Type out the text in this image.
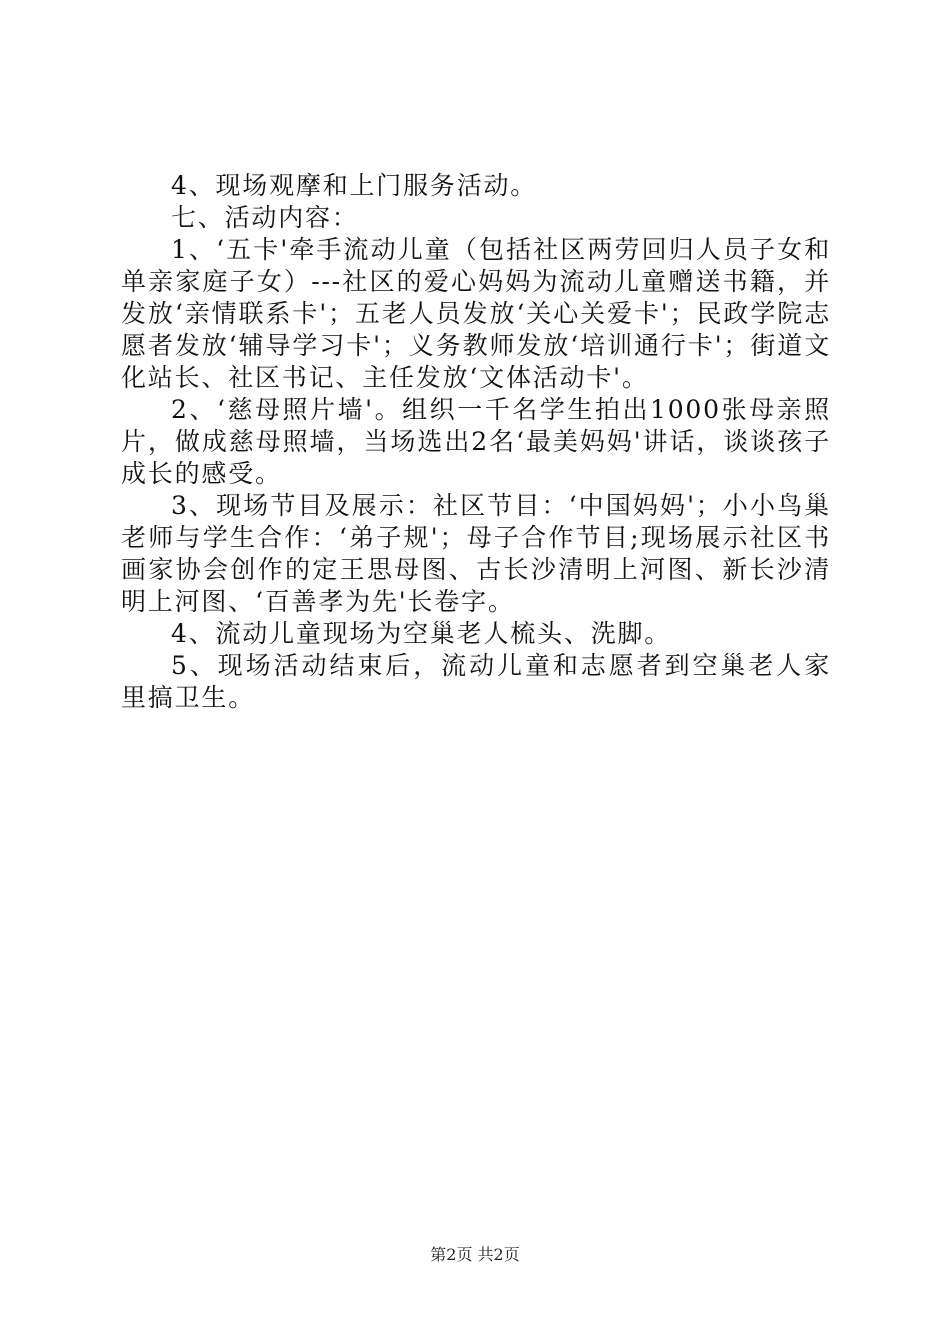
4、现场观摩和上门服务活动。

七、活动内容：

1、‘五卡'牵手流动儿童（包括社区两劳回归人员子女和单亲家庭子女）---社区的爱心妈妈为流动儿童赠送书籍，并发放‘亲情联系卡'；五老人员发放‘关心关爱卡'；民政学院志愿者发放‘辅导学习卡'；义务教师发放‘培训通行卡'；街道文化站长、社区书记、主任发放‘文体活动卡'。

2、‘慈母照片墙'。组织一千名学生拍出1000张母亲照片，做成慈母照墙，当场选出2名‘最美妈妈'讲话，谈谈孩子成长的感受。

3、现场节目及展示：社区节目：‘中国妈妈'；小小鸟巢老师与学生合作：‘弟子规'；母子合作节目;现场展示社区书画家协会创作的定王思母图、古长沙清明上河图、新长沙清明上河图、‘百善孝为先'长卷字。

4、流动儿童现场为空巢老人梳头、洗脚。

5、现场活动结束后，流动儿童和志愿者到空巢老人家里搞卫生。

第2页 共2页
